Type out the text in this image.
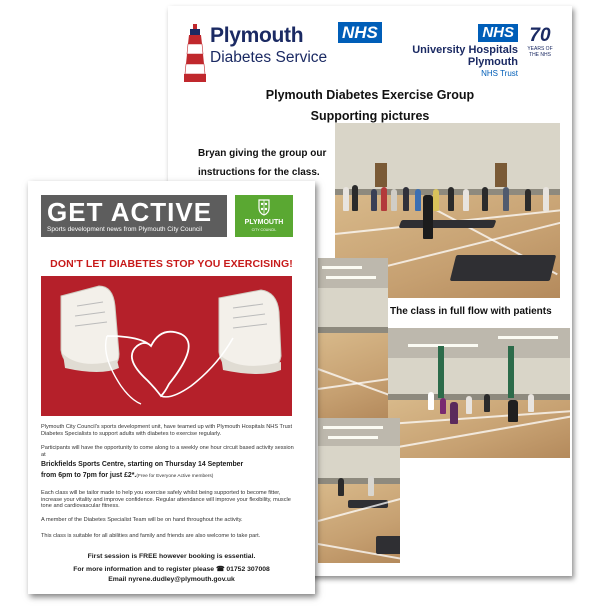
Plymouth
Diabetes Service
NHS	NHS
University Hospitals
Plymouth
NHS Trust
70
YEARS OF THE NHS
Plymouth Diabetes Exercise Group
Supporting pictures
Bryan giving the group our instructions for the class.
The class in full flow with patients
GET ACTIVE
Sports development news from Plymouth City Council
PLYMOUTH
CITY COUNCIL
DON'T LET DIABETES STOP YOU EXERCISING!

Plymouth City Council's sports development unit, have teamed up with Plymouth Hospitals NHS Trust Diabetes Specialists to support adults with diabetes to exercise regularly.

Participants will have the opportunity to come along to a weekly one hour circuit based activity session at

Brickfields Sports Centre, starting on Thursday 14 September

from 6pm to 7pm for just £2*.(Free for Everyone Active members)

Each class will be tailor made to help you exercise safely whilst being supported to become fitter, increase your vitality and improve confidence. Regular attendance will improve your flexibility, muscle tone and cardiovascular fitness.

A member of the Diabetes Specialist Team will be on hand throughout the activity.

This class is suitable for all abilities and family and friends are also welcome to take part.

First session is FREE however booking is essential.
For more information and to register please ☎ 01752 307008
Email nyrene.dudley@plymouth.gov.uk
